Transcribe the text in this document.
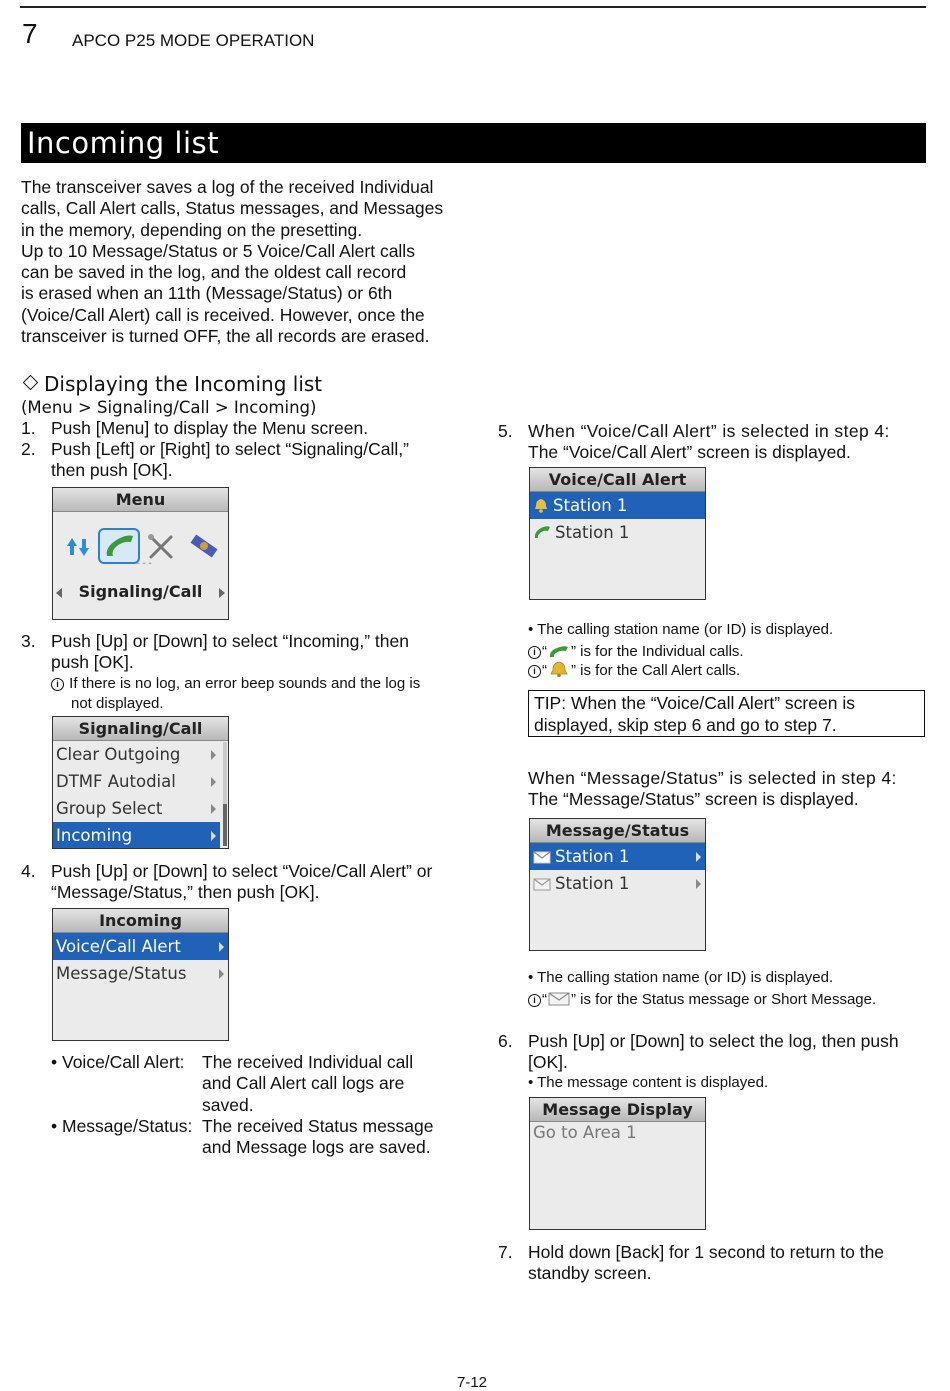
7 APCO P25 MODE OPERATION
Incoming list
The transceiver saves a log of the received Individual
calls, Call Alert calls, Status messages, and Messages
in the memory, depending on the presetting.
Up to 10 Message/Status or 5 Voice/Call Alert calls
can be saved in the log, and the oldest call record
is erased when an 11th (Message/Status) or 6th
(Voice/Call Alert) call is received. However, once the
transceiver is turned OFF, the all records are erased.
Displaying the Incoming list
(Menu > Signaling/Call > Incoming)
1. Push [Menu] to display the Menu screen.
2. Push [Left] or [Right] to select “Signaling/Call,”
then push [OK].
Menu
Signaling/Call
3. Push [Up] or [Down] to select “Incoming,” then
push [OK].
i If there is no log, an error beep sounds and the log is
not displayed.
Signaling/Call
Clear Outgoing
DTMF Autodial
Group Select
Incoming
4. Push [Up] or [Down] to select “Voice/Call Alert” or
“Message/Status,” then push [OK].
Incoming
Voice/Call Alert
Message/Status
• Voice/Call Alert: The received Individual call
and Call Alert call logs are
saved.
• Message/Status: The received Status message
and Message logs are saved.
5. When “Voice/Call Alert” is selected in step 4:
The “Voice/Call Alert” screen is displayed.
Voice/Call Alert
Station 1
Station 1
• The calling station name (or ID) is displayed.
i “ ” is for the Individual calls.
i “ ” is for the Call Alert calls.
TIP: When the “Voice/Call Alert” screen is
displayed, skip step 6 and go to step 7.
When “Message/Status” is selected in step 4:
The “Message/Status” screen is displayed.
Message/Status
Station 1
Station 1
• The calling station name (or ID) is displayed.
i “ ” is for the Status message or Short Message.
6. Push [Up] or [Down] to select the log, then push
[OK].
• The message content is displayed.
Message Display
Go to Area 1
7. Hold down [Back] for 1 second to return to the
standby screen.
7-12
